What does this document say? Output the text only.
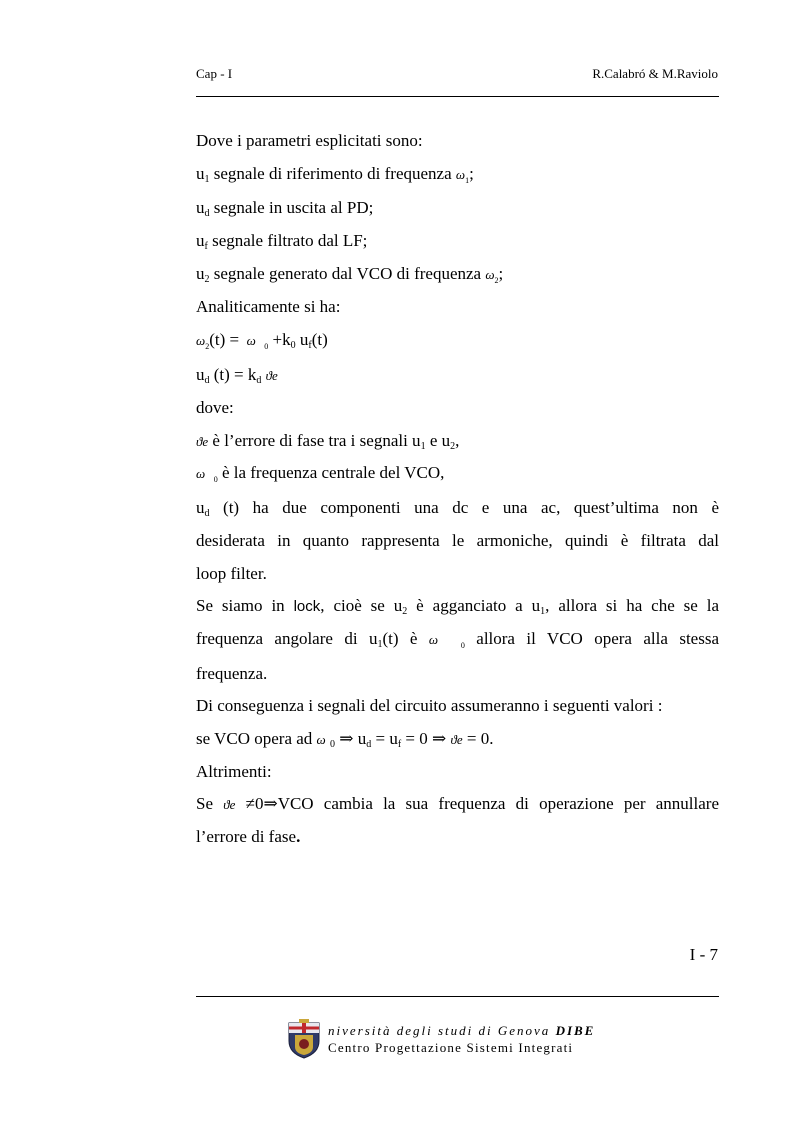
Cap - I	R.Calabró & M.Raviolo
Dove i parametri esplicitati sono:
$u_1$ segnale di riferimento di frequenza $\omega_1$;
$u_d$ segnale in uscita al PD;
$u_f$ segnale filtrato dal LF;
$u_2$ segnale generato dal VCO di frequenza $\omega_2$;
Analiticamente si ha:
$\omega_2(t) = \omega$ $_0 +k_0$ $u_f(t)$
$u_d$ $(t) = k_d$ ϑe
dove:
ϑe è l’errore di fase tra i segnali $u_1$ e $u_2$,
ω $_0$ è la frequenza centrale del VCO,
$u_d$ (t) ha due componenti una dc e una ac, quest’ultima non è
desiderata in quanto rappresenta le armoniche, quindi è filtrata dal
loop filter.
Se siamo in lock, cioè se $u_2$ è agganciato a $u_1$, allora si ha che se la
frequenza angolare di $u_1(t)$ è ω	$_0$ allora il VCO opera alla stessa
frequenza.
Di conseguenza i segnali del circuito assumeranno i seguenti valori :
se VCO opera ad ω $_0$ ⇒ $u_d = u_f = 0$ ⇒ ϑe = 0.
Altrimenti:
Se ϑe ≠0⇒VCO cambia la sua frequenza di operazione per annullare
l’errore di fase.
I - 7
niversità degli studi di Genova DIBE
Centro Progettazione Sistemi Integrati
